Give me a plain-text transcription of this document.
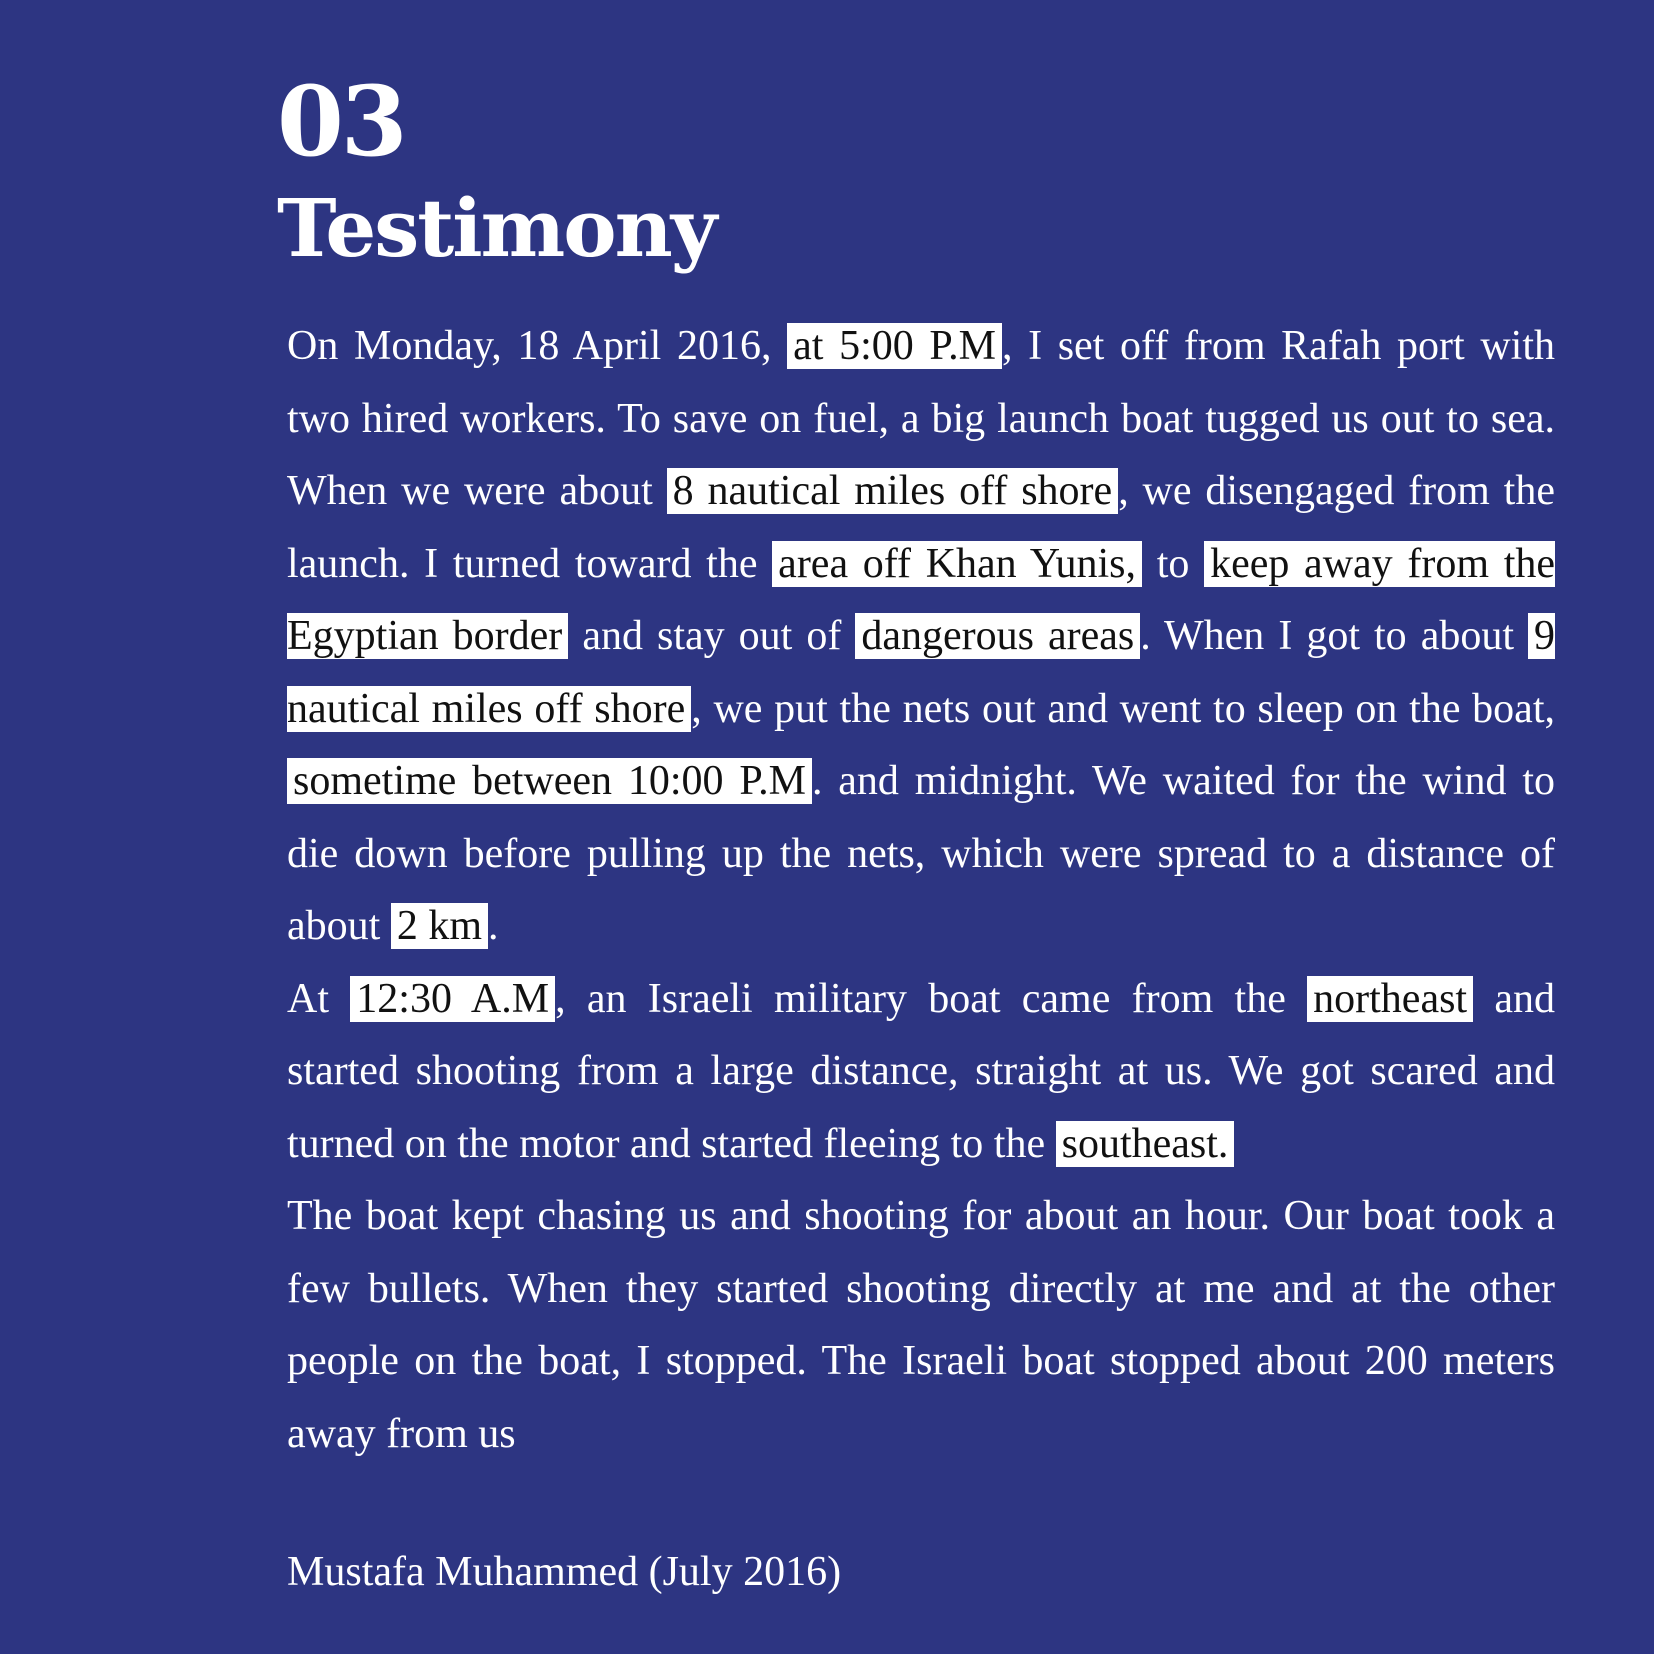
03
Testimony

On Monday, 18 April 2016, at 5:00 P.M , I set off from Rafah port with two hired workers. To save on fuel, a big launch boat tugged us out to sea. When we were about 8 nautical miles off shore , we disengaged from the launch. I turned toward the area off Khan Yunis, to keep away from the Egyptian border and stay out of dangerous areas . When I got to about 9 nautical miles off shore , we put the nets out and went to sleep on the boat, sometime between 10:00 P.M . and midnight. We waited for the wind to die down before pulling up the nets, which were spread to a distance of about 2 km .

At 12:30 A.M , an Israeli military boat came from the northeast and started shooting from a large distance, straight at us. We got scared and turned on the motor and started fleeing to the southeast.

The boat kept chasing us and shooting for about an hour. Our boat took a few bullets. When they started shooting directly at me and at the other people on the boat, I stopped. The Israeli boat stopped about 200 meters away from us

Mustafa Muhammed (July 2016)
